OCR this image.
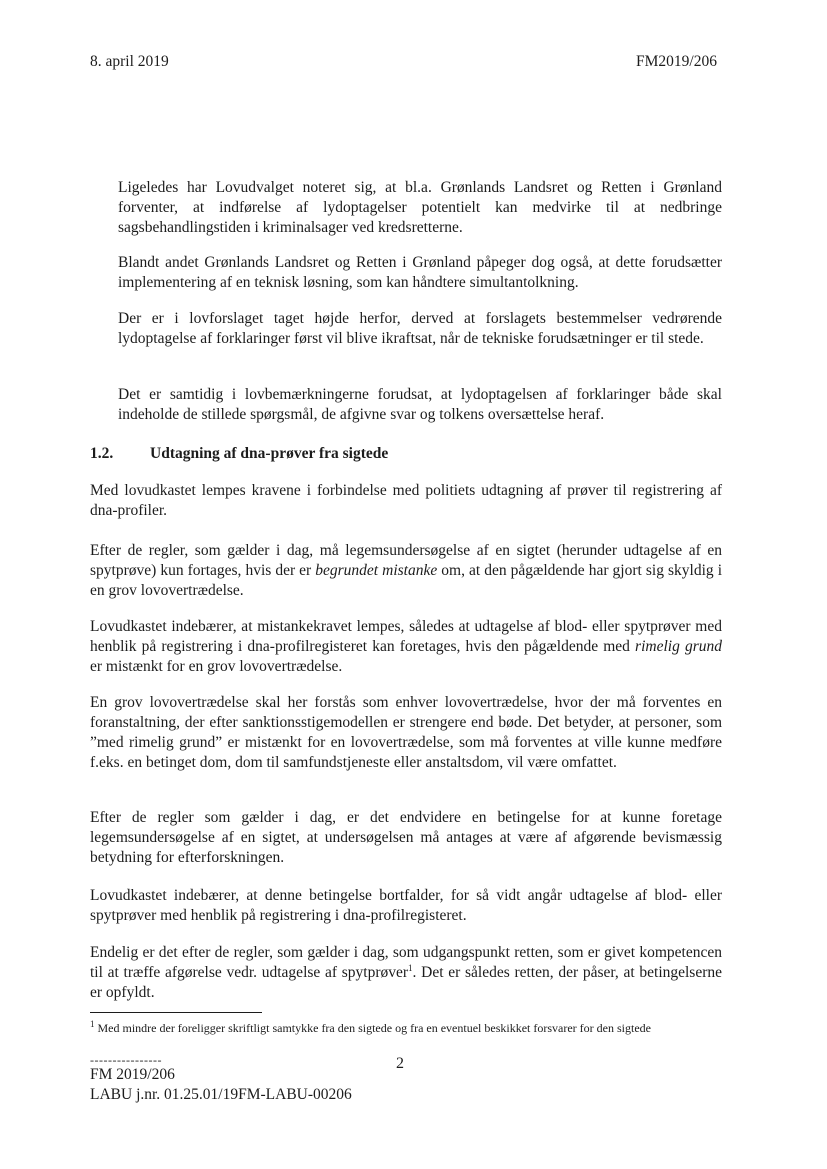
8. april 2019	FM2019/206

Ligeledes har Lovudvalget noteret sig, at bl.a. Grønlands Landsret og Retten i Grønland forventer, at indførelse af lydoptagelser potentielt kan medvirke til at nedbringe sagsbehandlingstiden i kriminalsager ved kredsretterne.

Blandt andet Grønlands Landsret og Retten i Grønland påpeger dog også, at dette forudsætter implementering af en teknisk løsning, som kan håndtere simultantolkning.

Der er i lovforslaget taget højde herfor, derved at forslagets bestemmelser vedrørende lydoptagelse af forklaringer først vil blive ikraftsat, når de tekniske forudsætninger er til stede.

Det er samtidig i lovbemærkningerne forudsat, at lydoptagelsen af forklaringer både skal indeholde de stillede spørgsmål, de afgivne svar og tolkens oversættelse heraf.

1.2. Udtagning af dna-prøver fra sigtede

Med lovudkastet lempes kravene i forbindelse med politiets udtagning af prøver til registrering af dna-profiler.

Efter de regler, som gælder i dag, må legemsundersøgelse af en sigtet (herunder udtagelse af en spytprøve) kun fortages, hvis der er begrundet mistanke om, at den pågældende har gjort sig skyldig i en grov lovovertrædelse.

Lovudkastet indebærer, at mistankekravet lempes, således at udtagelse af blod- eller spytprøver med henblik på registrering i dna-profilregisteret kan foretages, hvis den pågældende med rimelig grund er mistænkt for en grov lovovertrædelse.

En grov lovovertrædelse skal her forstås som enhver lovovertrædelse, hvor der må forventes en foranstaltning, der efter sanktionsstigemodellen er strengere end bøde. Det betyder, at personer, som ”med rimelig grund” er mistænkt for en lovovertrædelse, som må forventes at ville kunne medføre f.eks. en betinget dom, dom til samfundstjeneste eller anstaltsdom, vil være omfattet.

Efter de regler som gælder i dag, er det endvidere en betingelse for at kunne foretage legemsundersøgelse af en sigtet, at undersøgelsen må antages at være af afgørende bevismæssig betydning for efterforskningen.

Lovudkastet indebærer, at denne betingelse bortfalder, for så vidt angår udtagelse af blod- eller spytprøver med henblik på registrering i dna-profilregisteret.

Endelig er det efter de regler, som gælder i dag, som udgangspunkt retten, som er givet kompetencen til at træffe afgørelse vedr. udtagelse af spytprøver$^1$. Det er således retten, der påser, at betingelserne er opfyldt.

$^1$ Med mindre der foreligger skriftligt samtykke fra den sigtede og fra en eventuel beskikket forsvarer for den sigtede

----------------	2
FM 2019/206
LABU j.nr. 01.25.01/19FM-LABU-00206
